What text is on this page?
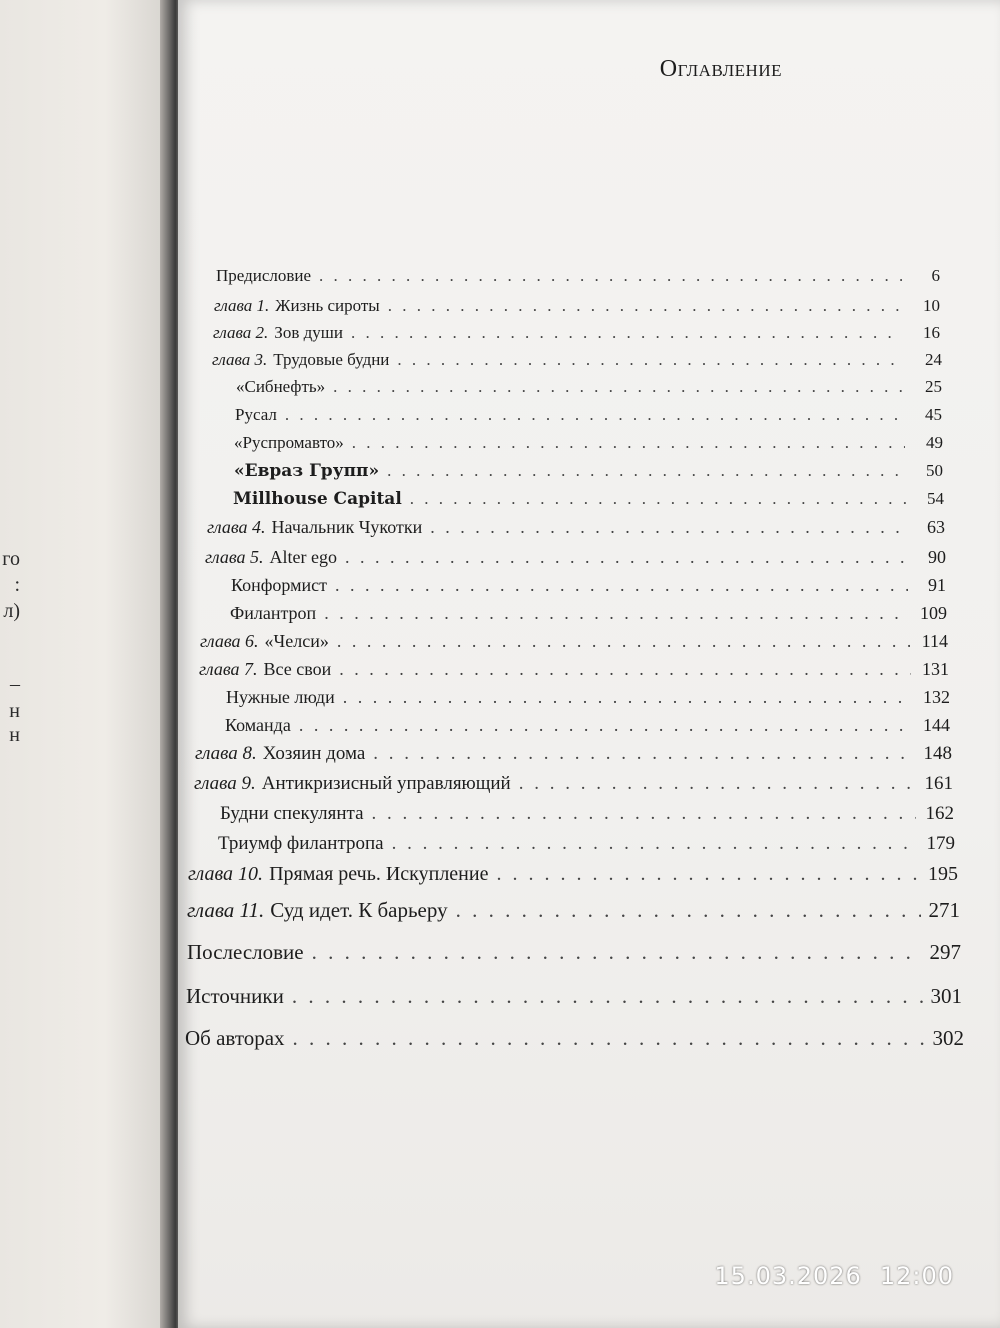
го
:
л)
–
н
н
Оглавление
Предисловие . . .	6
глава 1. Жизнь сироты . . .	10
глава 2. Зов души . . .	16
глава 3. Трудовые будни . . .	24
«Сибнефть» . . .	25
Русал . . .	45
«Руспромавто» . . .	49
«Евраз Групп» . . .	50
Millhouse Capital . . .	54
глава 4. Начальник Чукотки . . .	63
глава 5. Alter ego . . .	90
Конформист . . .	91
Филантроп . . .	109
глава 6. «Челси» . . .	114
глава 7. Все свои . . .	131
Нужные люди . . .	132
Команда . . .	144
глава 8. Хозяин дома . . .	148
глава 9. Антикризисный управляющий . . .	161
Будни спекулянта . . .	162
Триумф филантропа . . .	179
глава 10. Прямая речь. Искупление . . .	195
глава 11. Суд идет. К барьеру . . .	271
Послесловие . . .	297
Источники . . .	301
Об авторах . . .	302
15.03.2026 12:00
